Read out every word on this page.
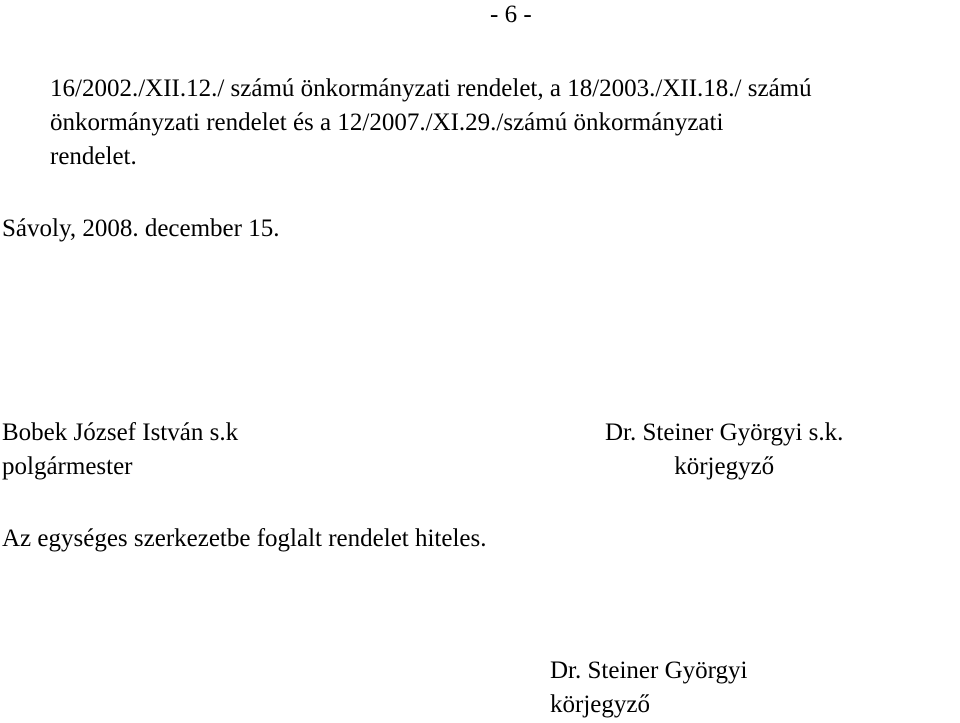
- 6 -
16/2002./XII.12./ számú önkormányzati rendelet, a 18/2003./XII.18./ számú
önkormányzati rendelet és a 12/2007./XI.29./számú önkormányzati
rendelet.
Sávoly, 2008. december 15.
Bobek József István s.k
polgármester
Dr. Steiner Györgyi s.k.
körjegyző
Az egységes szerkezetbe foglalt rendelet hiteles.
Dr. Steiner Györgyi
körjegyző
